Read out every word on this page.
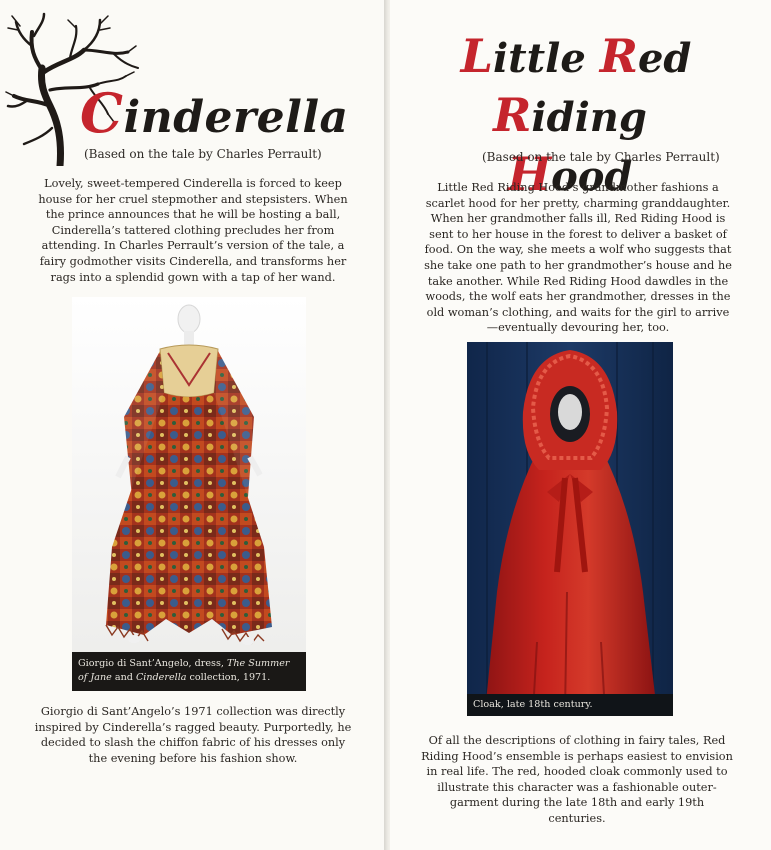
Cinderella
(Based on the tale by Charles Perrault)
Lovely, sweet-tempered Cinderella is forced to keep house for her cruel stepmother and stepsisters. When the prince announces that he will be hosting a ball, Cinderella’s tattered clothing precludes her from attending. In Charles Perrault’s version of the tale, a fairy godmother visits Cinderella, and transforms her rags into a splendid gown with a tap of her wand.
Giorgio di Sant’Angelo, dress, The Summer of Jane and Cinderella collection, 1971.
Giorgio di Sant’Angelo’s 1971 collection was directly inspired by Cinderella’s ragged beauty. Purportedly, he decided to slash the chiffon fabric of his dresses only the evening before his fashion show.
Little Red
Riding Hood
(Based on the tale by Charles Perrault)
Little Red Riding Hood’s grandmother fashions a scarlet hood for her pretty, charming granddaughter. When her grandmother falls ill, Red Riding Hood is sent to her house in the forest to deliver a basket of food. On the way, she meets a wolf who suggests that she take one path to her grandmother’s house and he take another. While Red Riding Hood dawdles in the woods, the wolf eats her grandmother, dresses in the old woman’s clothing, and waits for the girl to arrive—eventually devouring her, too.
Cloak, late 18th century.
Of all the descriptions of clothing in fairy tales, Red Riding Hood’s ensemble is perhaps easiest to envision in real life. The red, hooded cloak commonly used to illustrate this character was a fashionable outer-garment during the late 18th and early 19th centuries.
